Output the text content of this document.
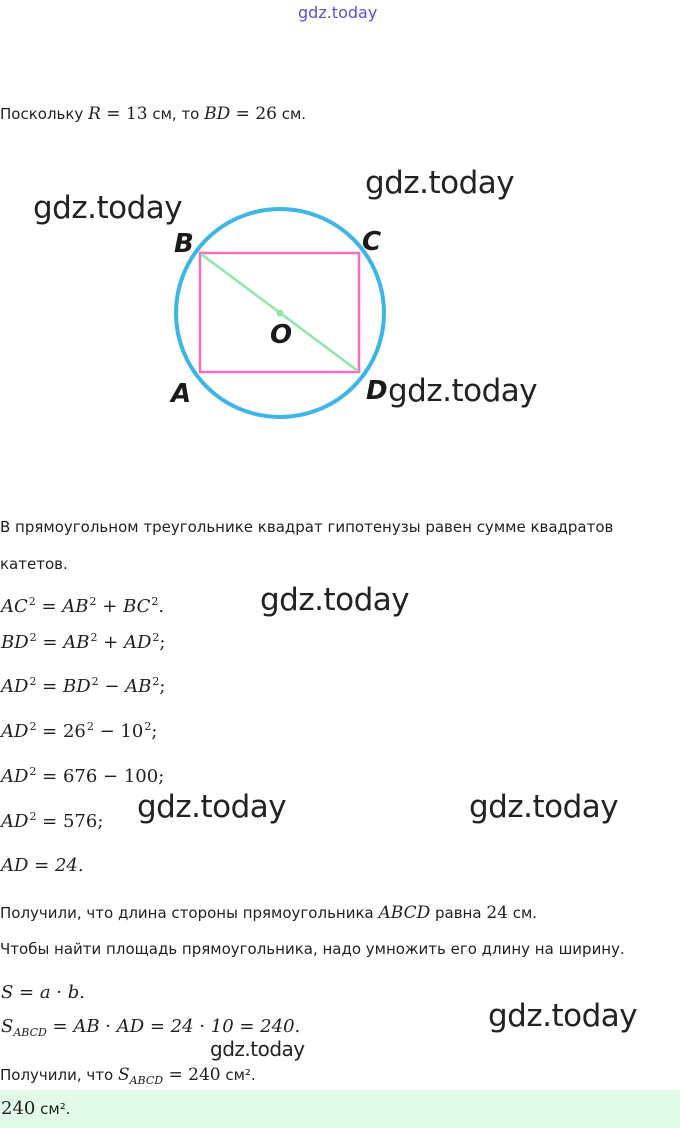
gdz.today
Поскольку R = 13 см, то BD = 26 см.
B	C
O
A	D
В прямоугольном треугольнике квадрат гипотенузы равен сумме квадратов
катетов.
$AC^2 = AB^2 + BC^2$.
$BD^2 = AB^2 + AD^2$;
$AD^2 = BD^2 - AB^2$;
$AD^2 = 26^2 - 10^2$;
$AD^2 = 676 - 100$;
$AD^2 = 576$;
AD = 24.
Получили, что длина стороны прямоугольника ABCD равна 24 см.
Чтобы найти площадь прямоугольника, надо умножить его длину на ширину.
S = a · b.
$S_{ABCD}$ = AB · AD = 24 · 10 = 240.
Получили, что $S_{ABCD} = 240$ см².
240 см².
gdz.today
gdz.today
gdz.today
gdz.today
gdz.today	gdz.today
gdz.today
gdz.today
